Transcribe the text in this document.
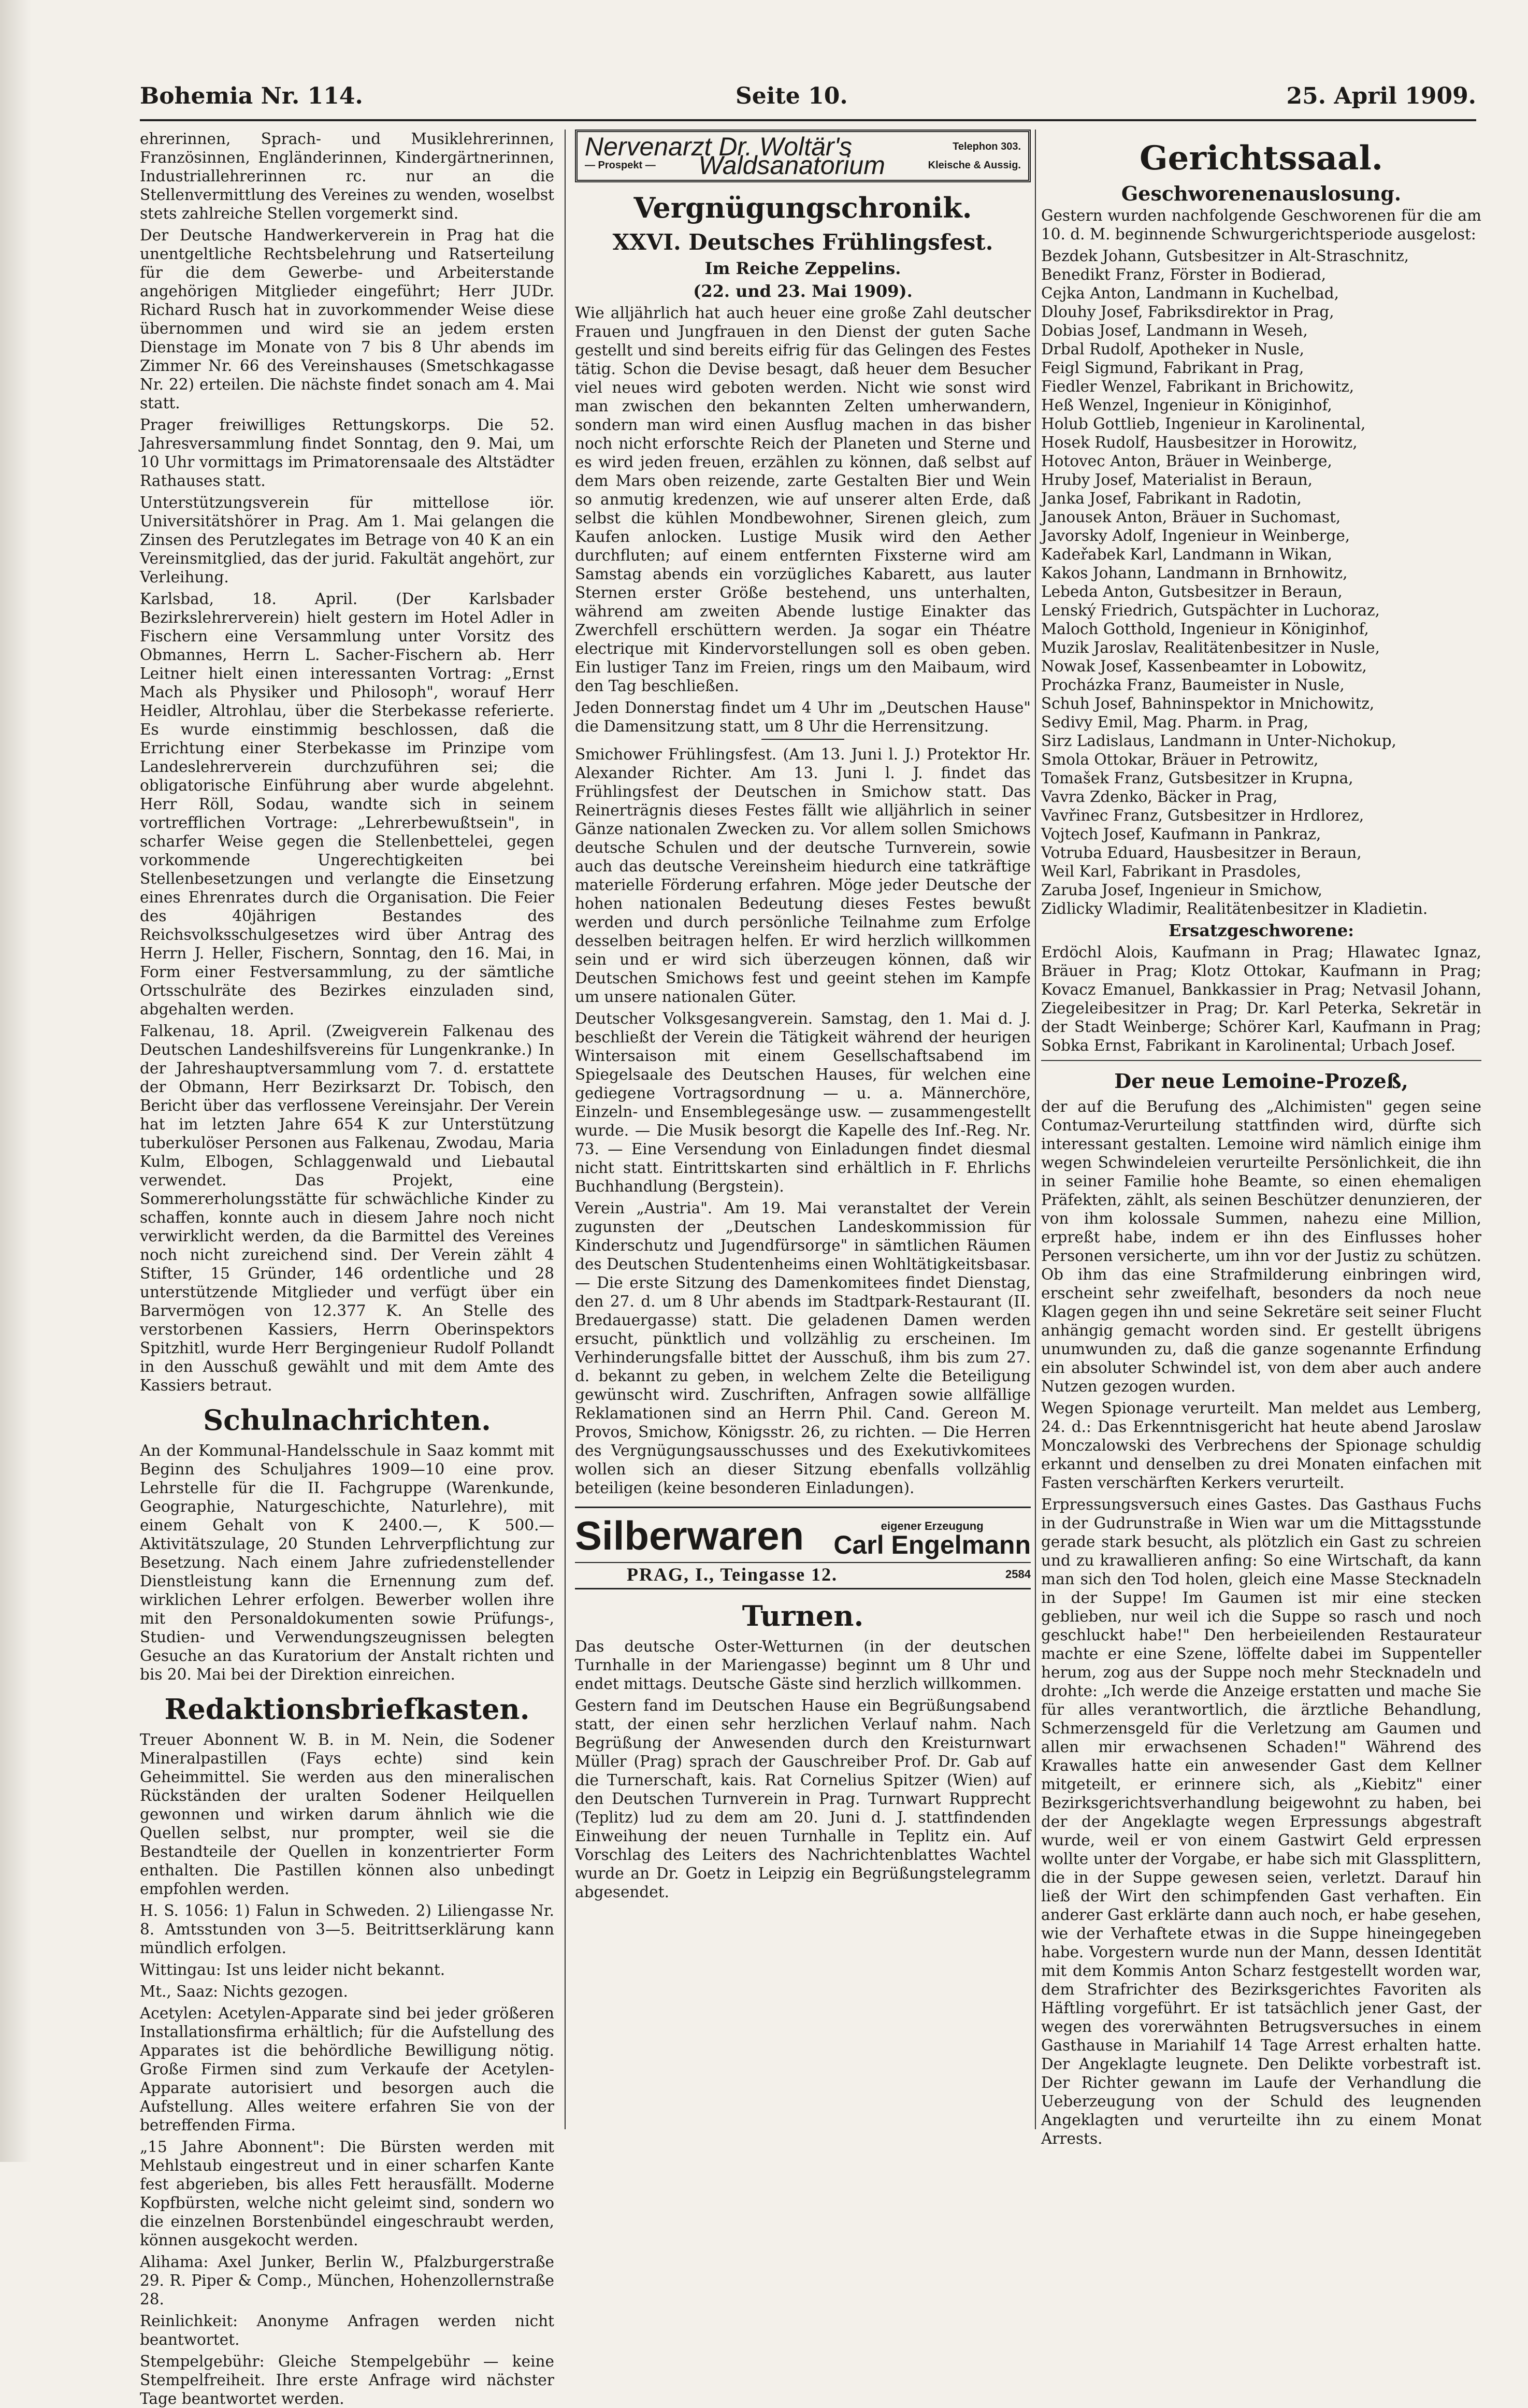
Bohemia Nr. 114.	Seite 10.	25. April 1909.

ehrerinnen, Sprach- und Musiklehrerinnen, Französinnen, Engländerinnen, Kindergärtnerinnen, Industriallehrerinnen rc. nur an die Stellenvermittlung des Vereines zu wenden, woselbst stets zahlreiche Stellen vorgemerkt sind.

Der Deutsche Handwerkerverein in Prag hat die unentgeltliche Rechtsbelehrung und Ratserteilung für die dem Gewerbe- und Arbeiterstande angehörigen Mitglieder eingeführt; Herr JUDr. Richard Rusch hat in zuvorkommender Weise diese übernommen und wird sie an jedem ersten Dienstage im Monate von 7 bis 8 Uhr abends im Zimmer Nr. 66 des Vereinshauses (Smetschkagasse Nr. 22) erteilen. Die nächste findet sonach am 4. Mai statt.

Prager freiwilliges Rettungskorps. Die 52. Jahresversammlung findet Sonntag, den 9. Mai, um 10 Uhr vormittags im Primatorensaale des Altstädter Rathauses statt.

Unterstützungsverein für mittellose iör. Universitätshörer in Prag. Am 1. Mai gelangen die Zinsen des Perutzlegates im Betrage von 40 K an ein Vereinsmitglied, das der jurid. Fakultät angehört, zur Verleihung.

Karlsbad, 18. April. (Der Karlsbader Bezirkslehrerverein) hielt gestern im Hotel Adler in Fischern eine Versammlung unter Vorsitz des Obmannes, Herrn L. Sacher-Fischern ab. Herr Leitner hielt einen interessanten Vortrag: „Ernst Mach als Physiker und Philosoph", worauf Herr Heidler, Altrohlau, über die Sterbekasse referierte. Es wurde einstimmig beschlossen, daß die Errichtung einer Sterbekasse im Prinzipe vom Landeslehrerverein durchzuführen sei; die obligatorische Einführung aber wurde abgelehnt. Herr Röll, Sodau, wandte sich in seinem vortrefflichen Vortrage: „Lehrerbewußtsein", in scharfer Weise gegen die Stellenbettelei, gegen vorkommende Ungerechtigkeiten bei Stellenbesetzungen und verlangte die Einsetzung eines Ehrenrates durch die Organisation. Die Feier des 40jährigen Bestandes des Reichsvolksschulgesetzes wird über Antrag des Herrn J. Heller, Fischern, Sonntag, den 16. Mai, in Form einer Festversammlung, zu der sämtliche Ortsschulräte des Bezirkes einzuladen sind, abgehalten werden.

Falkenau, 18. April. (Zweigverein Falkenau des Deutschen Landeshilfsvereins für Lungenkranke.) In der Jahreshauptversammlung vom 7. d. erstattete der Obmann, Herr Bezirksarzt Dr. Tobisch, den Bericht über das verflossene Vereinsjahr. Der Verein hat im letzten Jahre 654 K zur Unterstützung tuberkulöser Personen aus Falkenau, Zwodau, Maria Kulm, Elbogen, Schlaggenwald und Liebautal verwendet. Das Projekt, eine Sommererholungsstätte für schwächliche Kinder zu schaffen, konnte auch in diesem Jahre noch nicht verwirklicht werden, da die Barmittel des Vereines noch nicht zureichend sind. Der Verein zählt 4 Stifter, 15 Gründer, 146 ordentliche und 28 unterstützende Mitglieder und verfügt über ein Barvermögen von 12.377 K. An Stelle des verstorbenen Kassiers, Herrn Oberinspektors Spitzhitl, wurde Herr Bergingenieur Rudolf Pollandt in den Ausschuß gewählt und mit dem Amte des Kassiers betraut.

Schulnachrichten.

An der Kommunal-Handelsschule in Saaz kommt mit Beginn des Schuljahres 1909—10 eine prov. Lehrstelle für die II. Fachgruppe (Warenkunde, Geographie, Naturgeschichte, Naturlehre), mit einem Gehalt von K 2400.—, K 500.— Aktivitätszulage, 20 Stunden Lehrverpflichtung zur Besetzung. Nach einem Jahre zufriedenstellender Dienstleistung kann die Ernennung zum def. wirklichen Lehrer erfolgen. Bewerber wollen ihre mit den Personaldokumenten sowie Prüfungs-, Studien- und Verwendungszeugnissen belegten Gesuche an das Kuratorium der Anstalt richten und bis 20. Mai bei der Direktion einreichen.

Redaktionsbriefkasten.

Treuer Abonnent W. B. in M. Nein, die Sodener Mineralpastillen (Fays echte) sind kein Geheimmittel. Sie werden aus den mineralischen Rückständen der uralten Sodener Heilquellen gewonnen und wirken darum ähnlich wie die Quellen selbst, nur prompter, weil sie die Bestandteile der Quellen in konzentrierter Form enthalten. Die Pastillen können also unbedingt empfohlen werden.

H. S. 1056: 1) Falun in Schweden. 2) Liliengasse Nr. 8. Amtsstunden von 3—5. Beitrittserklärung kann mündlich erfolgen.

Wittingau: Ist uns leider nicht bekannt.

Mt., Saaz: Nichts gezogen.

Acetylen: Acetylen-Apparate sind bei jeder größeren Installationsfirma erhältlich; für die Aufstellung des Apparates ist die behördliche Bewilligung nötig. Große Firmen sind zum Verkaufe der Acetylen-Apparate autorisiert und besorgen auch die Aufstellung. Alles weitere erfahren Sie von der betreffenden Firma.

„15 Jahre Abonnent": Die Bürsten werden mit Mehlstaub eingestreut und in einer scharfen Kante fest abgerieben, bis alles Fett herausfällt. Moderne Kopfbürsten, welche nicht geleimt sind, sondern wo die einzelnen Borstenbündel eingeschraubt werden, können ausgekocht werden.

Alihama: Axel Junker, Berlin W., Pfalzburgerstraße 29. R. Piper & Comp., München, Hohenzollernstraße 28.

Reinlichkeit: Anonyme Anfragen werden nicht beantwortet.

Stempelgebühr: Gleiche Stempelgebühr — keine Stempelfreiheit. Ihre erste Anfrage wird nächster Tage beantwortet werden.

Nervenarzt Dr. Woltär's	Telephon 303.
— Prospekt — Waldsanatorium	Kleische & Aussig.
Vergnügungschronik.
XXVI. Deutsches Frühlingsfest.
Im Reiche Zeppelins.
(22. und 23. Mai 1909).

Wie alljährlich hat auch heuer eine große Zahl deutscher Frauen und Jungfrauen in den Dienst der guten Sache gestellt und sind bereits eifrig für das Gelingen des Festes tätig. Schon die Devise besagt, daß heuer dem Besucher viel neues wird geboten werden. Nicht wie sonst wird man zwischen den bekannten Zelten umherwandern, sondern man wird einen Ausflug machen in das bisher noch nicht erforschte Reich der Planeten und Sterne und es wird jeden freuen, erzählen zu können, daß selbst auf dem Mars oben reizende, zarte Gestalten Bier und Wein so anmutig kredenzen, wie auf unserer alten Erde, daß selbst die kühlen Mondbewohner, Sirenen gleich, zum Kaufen anlocken. Lustige Musik wird den Aether durchfluten; auf einem entfernten Fixsterne wird am Samstag abends ein vorzügliches Kabarett, aus lauter Sternen erster Größe bestehend, uns unterhalten, während am zweiten Abende lustige Einakter das Zwerchfell erschüttern werden. Ja sogar ein Théatre electrique mit Kindervorstellungen soll es oben geben. Ein lustiger Tanz im Freien, rings um den Maibaum, wird den Tag beschließen.

Jeden Donnerstag findet um 4 Uhr im „Deutschen Hause" die Damensitzung statt, um 8 Uhr die Herrensitzung.

Smichower Frühlingsfest. (Am 13. Juni l. J.) Protektor Hr. Alexander Richter. Am 13. Juni l. J. findet das Frühlingsfest der Deutschen in Smichow statt. Das Reinerträgnis dieses Festes fällt wie alljährlich in seiner Gänze nationalen Zwecken zu. Vor allem sollen Smichows deutsche Schulen und der deutsche Turnverein, sowie auch das deutsche Vereinsheim hiedurch eine tatkräftige materielle Förderung erfahren. Möge jeder Deutsche der hohen nationalen Bedeutung dieses Festes bewußt werden und durch persönliche Teilnahme zum Erfolge desselben beitragen helfen. Er wird herzlich willkommen sein und er wird sich überzeugen können, daß wir Deutschen Smichows fest und geeint stehen im Kampfe um unsere nationalen Güter.

Deutscher Volksgesangverein. Samstag, den 1. Mai d. J. beschließt der Verein die Tätigkeit während der heurigen Wintersaison mit einem Gesellschaftsabend im Spiegelsaale des Deutschen Hauses, für welchen eine gediegene Vortragsordnung — u. a. Männerchöre, Einzeln- und Ensemblegesänge usw. — zusammengestellt wurde. — Die Musik besorgt die Kapelle des Inf.-Reg. Nr. 73. — Eine Versendung von Einladungen findet diesmal nicht statt. Eintrittskarten sind erhältlich in F. Ehrlichs Buchhandlung (Bergstein).

Verein „Austria". Am 19. Mai veranstaltet der Verein zugunsten der „Deutschen Landeskommission für Kinderschutz und Jugendfürsorge" in sämtlichen Räumen des Deutschen Studentenheims einen Wohltätigkeitsbasar. — Die erste Sitzung des Damenkomitees findet Dienstag, den 27. d. um 8 Uhr abends im Stadtpark-Restaurant (II. Bredauergasse) statt. Die geladenen Damen werden ersucht, pünktlich und vollzählig zu erscheinen. Im Verhinderungsfalle bittet der Ausschuß, ihm bis zum 27. d. bekannt zu geben, in welchem Zelte die Beteiligung gewünscht wird. Zuschriften, Anfragen sowie allfällige Reklamationen sind an Herrn Phil. Cand. Gereon M. Provos, Smichow, Königsstr. 26, zu richten. — Die Herren des Vergnügungsausschusses und des Exekutivkomitees wollen sich an dieser Sitzung ebenfalls vollzählig beteiligen (keine besonderen Einladungen).

Silberwaren	eigener Erzeugung
Carl Engelmann
PRAG, I., Teingasse 12.	2584
Turnen.

Das deutsche Oster-Wetturnen (in der deutschen Turnhalle in der Mariengasse) beginnt um 8 Uhr und endet mittags. Deutsche Gäste sind herzlich willkommen.

Gestern fand im Deutschen Hause ein Begrüßungsabend statt, der einen sehr herzlichen Verlauf nahm. Nach Begrüßung der Anwesenden durch den Kreisturnwart Müller (Prag) sprach der Gauschreiber Prof. Dr. Gab auf die Turnerschaft, kais. Rat Cornelius Spitzer (Wien) auf den Deutschen Turnverein in Prag. Turnwart Rupprecht (Teplitz) lud zu dem am 20. Juni d. J. stattfindenden Einweihung der neuen Turnhalle in Teplitz ein. Auf Vorschlag des Leiters des Nachrichtenblattes Wachtel wurde an Dr. Goetz in Leipzig ein Begrüßungstelegramm abgesendet.

Gerichtssaal.
Geschworenenauslosung.

Gestern wurden nachfolgende Geschworenen für die am 10. d. M. beginnende Schwurgerichtsperiode ausgelost:

Bezdek Johann, Gutsbesitzer in Alt-Straschnitz,

Benedikt Franz, Förster in Bodierad,

Cejka Anton, Landmann in Kuchelbad,

Dlouhy Josef, Fabriksdirektor in Prag,

Dobias Josef, Landmann in Weseh,

Drbal Rudolf, Apotheker in Nusle,

Feigl Sigmund, Fabrikant in Prag,

Fiedler Wenzel, Fabrikant in Brichowitz,

Heß Wenzel, Ingenieur in Königinhof,

Holub Gottlieb, Ingenieur in Karolinental,

Hosek Rudolf, Hausbesitzer in Horowitz,

Hotovec Anton, Bräuer in Weinberge,

Hruby Josef, Materialist in Beraun,

Janka Josef, Fabrikant in Radotin,

Janousek Anton, Bräuer in Suchomast,

Javorsky Adolf, Ingenieur in Weinberge,

Kadeřabek Karl, Landmann in Wikan,

Kakos Johann, Landmann in Brnhowitz,

Lebeda Anton, Gutsbesitzer in Beraun,

Lenský Friedrich, Gutspächter in Luchoraz,

Maloch Gotthold, Ingenieur in Königinhof,

Muzik Jaroslav, Realitätenbesitzer in Nusle,

Nowak Josef, Kassenbeamter in Lobowitz,

Procházka Franz, Baumeister in Nusle,

Schuh Josef, Bahninspektor in Mnichowitz,

Sedivy Emil, Mag. Pharm. in Prag,

Sirz Ladislaus, Landmann in Unter-Nichokup,

Smola Ottokar, Bräuer in Petrowitz,

Tomašek Franz, Gutsbesitzer in Krupna,

Vavra Zdenko, Bäcker in Prag,

Vavřinec Franz, Gutsbesitzer in Hrdlorez,

Vojtech Josef, Kaufmann in Pankraz,

Votruba Eduard, Hausbesitzer in Beraun,

Weil Karl, Fabrikant in Prasdoles,

Zaruba Josef, Ingenieur in Smichow,

Zidlicky Wladimir, Realitätenbesitzer in Kladietin.

Ersatzgeschworene:

Erdöchl Alois, Kaufmann in Prag; Hlawatec Ignaz, Bräuer in Prag; Klotz Ottokar, Kaufmann in Prag; Kovacz Emanuel, Bankkassier in Prag; Netvasil Johann, Ziegeleibesitzer in Prag; Dr. Karl Peterka, Sekretär in der Stadt Weinberge; Schörer Karl, Kaufmann in Prag; Sobka Ernst, Fabrikant in Karolinental; Urbach Josef.

Der neue Lemoine-Prozeß,

der auf die Berufung des „Alchimisten" gegen seine Contumaz-Verurteilung stattfinden wird, dürfte sich interessant gestalten. Lemoine wird nämlich einige ihm wegen Schwindeleien verurteilte Persönlichkeit, die ihn in seiner Familie hohe Beamte, so einen ehemaligen Präfekten, zählt, als seinen Beschützer denunzieren, der von ihm kolossale Summen, nahezu eine Million, erpreßt habe, indem er ihn des Einflusses hoher Personen versicherte, um ihn vor der Justiz zu schützen. Ob ihm das eine Strafmilderung einbringen wird, erscheint sehr zweifelhaft, besonders da noch neue Klagen gegen ihn und seine Sekretäre seit seiner Flucht anhängig gemacht worden sind. Er gestellt übrigens unumwunden zu, daß die ganze sogenannte Erfindung ein absoluter Schwindel ist, von dem aber auch andere Nutzen gezogen wurden.

Wegen Spionage verurteilt. Man meldet aus Lemberg, 24. d.: Das Erkenntnisgericht hat heute abend Jaroslaw Monczalowski des Verbrechens der Spionage schuldig erkannt und denselben zu drei Monaten einfachen mit Fasten verschärften Kerkers verurteilt.

Erpressungsversuch eines Gastes. Das Gasthaus Fuchs in der Gudrunstraße in Wien war um die Mittagsstunde gerade stark besucht, als plötzlich ein Gast zu schreien und zu krawallieren anfing: So eine Wirtschaft, da kann man sich den Tod holen, gleich eine Masse Stecknadeln in der Suppe! Im Gaumen ist mir eine stecken geblieben, nur weil ich die Suppe so rasch und noch geschluckt habe!" Den herbeieilenden Restaurateur machte er eine Szene, löffelte dabei im Suppenteller herum, zog aus der Suppe noch mehr Stecknadeln und drohte: „Ich werde die Anzeige erstatten und mache Sie für alles verantwortlich, die ärztliche Behandlung, Schmerzensgeld für die Verletzung am Gaumen und allen mir erwachsenen Schaden!" Während des Krawalles hatte ein anwesender Gast dem Kellner mitgeteilt, er erinnere sich, als „Kiebitz" einer Bezirksgerichtsverhandlung beigewohnt zu haben, bei der der Angeklagte wegen Erpressungs abgestraft wurde, weil er von einem Gastwirt Geld erpressen wollte unter der Vorgabe, er habe sich mit Glassplittern, die in der Suppe gewesen seien, verletzt. Darauf hin ließ der Wirt den schimpfenden Gast verhaften. Ein anderer Gast erklärte dann auch noch, er habe gesehen, wie der Verhaftete etwas in die Suppe hineingegeben habe. Vorgestern wurde nun der Mann, dessen Identität mit dem Kommis Anton Scharz festgestellt worden war, dem Strafrichter des Bezirksgerichtes Favoriten als Häftling vorgeführt. Er ist tatsächlich jener Gast, der wegen des vorerwähnten Betrugsversuches in einem Gasthause in Mariahilf 14 Tage Arrest erhalten hatte. Der Angeklagte leugnete. Den Delikte vorbestraft ist. Der Richter gewann im Laufe der Verhandlung die Ueberzeugung von der Schuld des leugnenden Angeklagten und verurteilte ihn zu einem Monat Arrests.
